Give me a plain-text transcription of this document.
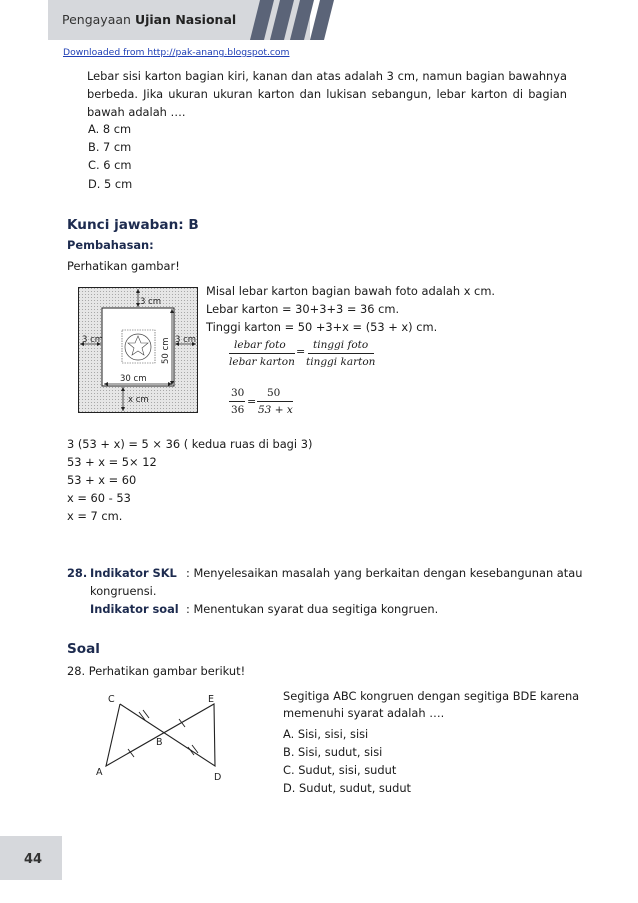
Pengayaan Ujian Nasional
Downloaded from http://pak-anang.blogspot.com
Lebar sisi karton bagian kiri, kanan dan atas adalah 3 cm, namun bagian bawahnya berbeda. Jika ukuran ukuran karton dan lukisan sebangun, lebar karton di bagian bawah adalah ….
A. 8 cm
B. 7 cm
C. 6 cm
D. 5 cm
Kunci jawaban: B
Pembahasan:
Perhatikan gambar!
3 cm
3 cm	3 cm
50 cm
30 cm
x cm
Misal lebar karton bagian bawah foto adalah x cm.
Lebar karton = 30+3+3 = 36 cm.
Tinggi karton = 50 +3+x = (53 + x) cm.
lebar foto
lebar karton
= tinggi foto
tinggi karton
30
36
=
50
53 + x
3 (53 + x) = 5 × 36 ( kedua ruas di bagi 3)
53 + x = 5× 12
53 + x = 60
x = 60 - 53
x = 7 cm.
28. Indikator SKL : Menyelesaikan masalah yang berkaitan dengan kesebangunan atau
kongruensi.
Indikator soal : Menentukan syarat dua segitiga kongruen.
Soal
28. Perhatikan gambar berikut!
C	E
B
A	D
Segitiga ABC kongruen dengan segitiga BDE karena
memenuhi syarat adalah ….
A. Sisi, sisi, sisi
B. Sisi, sudut, sisi
C. Sudut, sisi, sudut
D. Sudut, sudut, sudut
44
